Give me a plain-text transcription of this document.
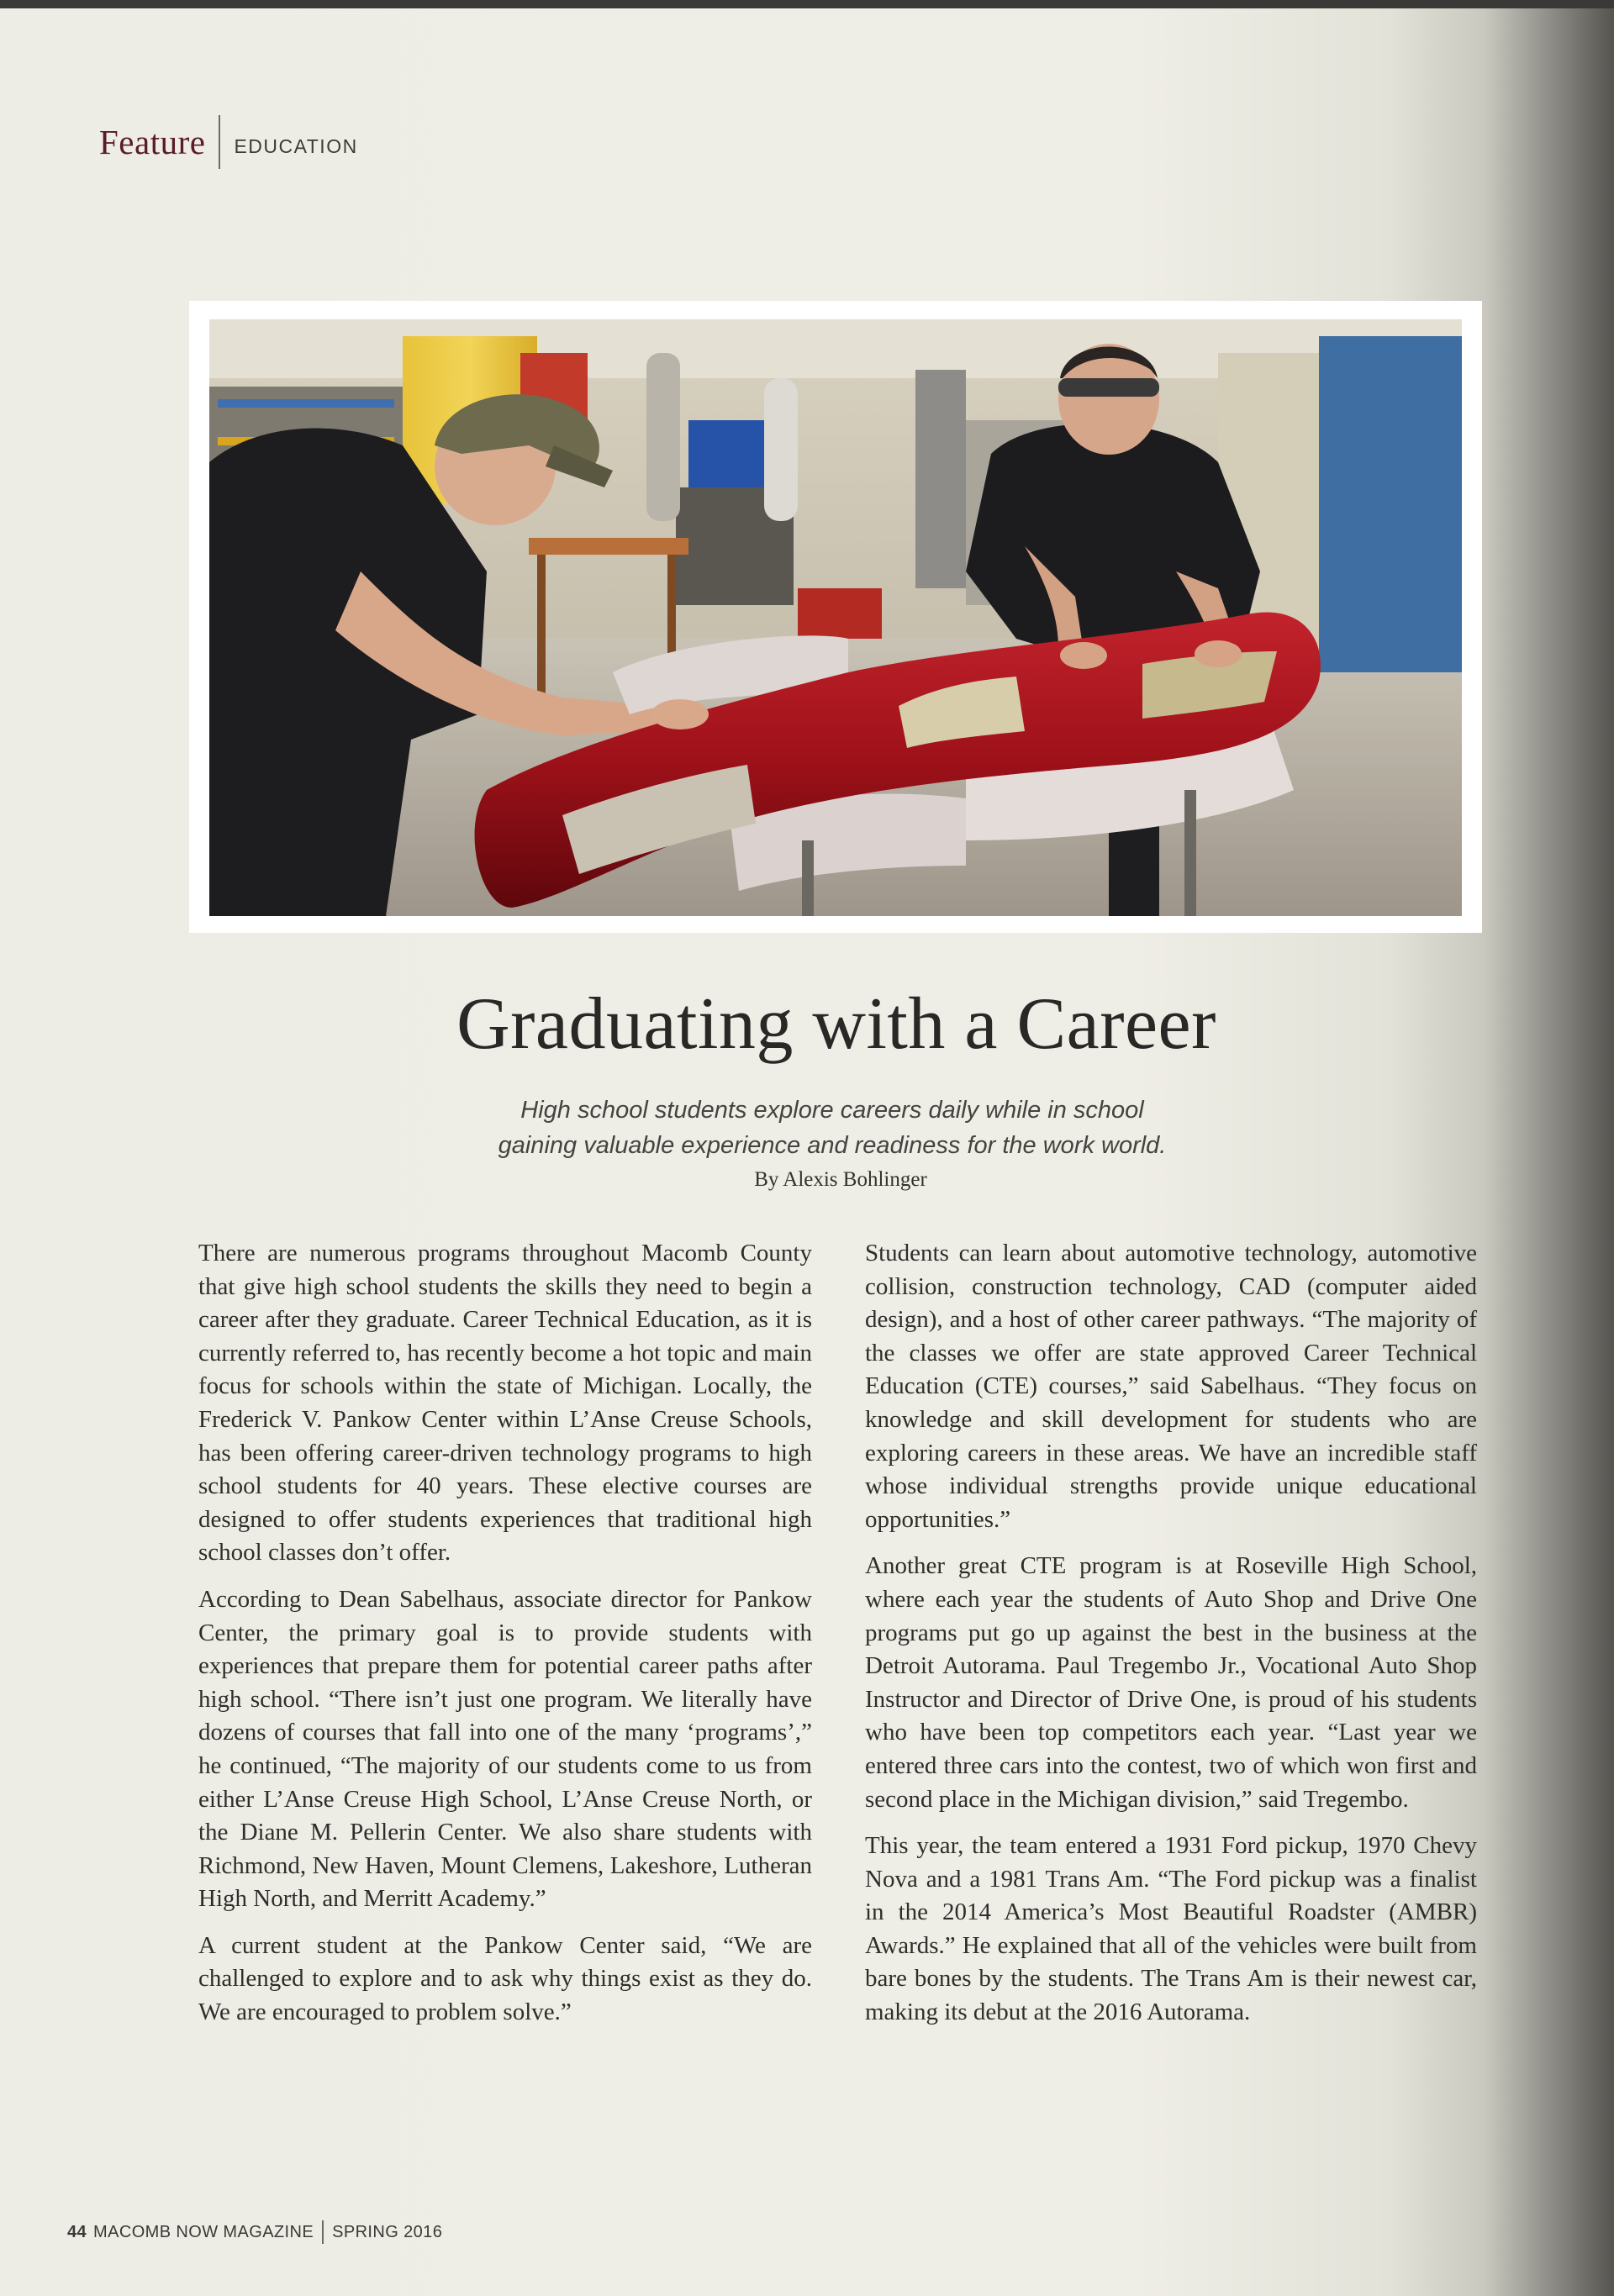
Feature EDUCATION
Graduating with a Career
High school students explore careers daily while in school
gaining valuable experience and readiness for the work world.
By Alexis Bohlinger

There are numerous programs throughout Macomb County that give high school students the skills they need to begin a career after they graduate. Career Technical Education, as it is currently referred to, has recently become a hot topic and main focus for schools within the state of Michigan. Locally, the Frederick V. Pankow Center within L’Anse Creuse Schools, has been offering career-driven technology programs to high school students for 40 years. These elective courses are designed to offer students experiences that traditional high school classes don’t offer.

According to Dean Sabelhaus, associate director for Pankow Center, the primary goal is to provide students with experiences that prepare them for potential career paths after high school. “There isn’t just one program. We literally have dozens of courses that fall into one of the many ‘programs’,” he continued, “The majority of our students come to us from either L’Anse Creuse High School, L’Anse Creuse North, or the Diane M. Pellerin Center. We also share students with Richmond, New Haven, Mount Clemens, Lakeshore, Lutheran High North, and Merritt Academy.”

A current student at the Pankow Center said, “We are challenged to explore and to ask why things exist as they do. We are encouraged to problem solve.”

Students can learn about automotive technology, automotive collision, construction technology, CAD (computer aided design), and a host of other career pathways. “The majority of the classes we offer are state approved Career Technical Education (CTE) courses,” said Sabelhaus. “They focus on knowledge and skill development for students who are exploring careers in these areas. We have an incredible staff whose individual strengths provide unique educational opportunities.”

Another great CTE program is at Roseville High School, where each year the students of Auto Shop and Drive One programs put go up against the best in the business at the Detroit Autorama. Paul Tregembo Jr., Vocational Auto Shop Instructor and Director of Drive One, is proud of his students who have been top competitors each year. “Last year we entered three cars into the contest, two of which won first and second place in the Michigan division,” said Tregembo.

This year, the team entered a 1931 Ford pickup, 1970 Chevy Nova and a 1981 Trans Am. “The Ford pickup was a finalist in the 2014 America’s Most Beautiful Roadster (AMBR) Awards.” He explained that all of the vehicles were built from bare bones by the students. The Trans Am is their newest car, making its debut at the 2016 Autorama.

44 MACOMB NOW MAGAZINE SPRING 2016
